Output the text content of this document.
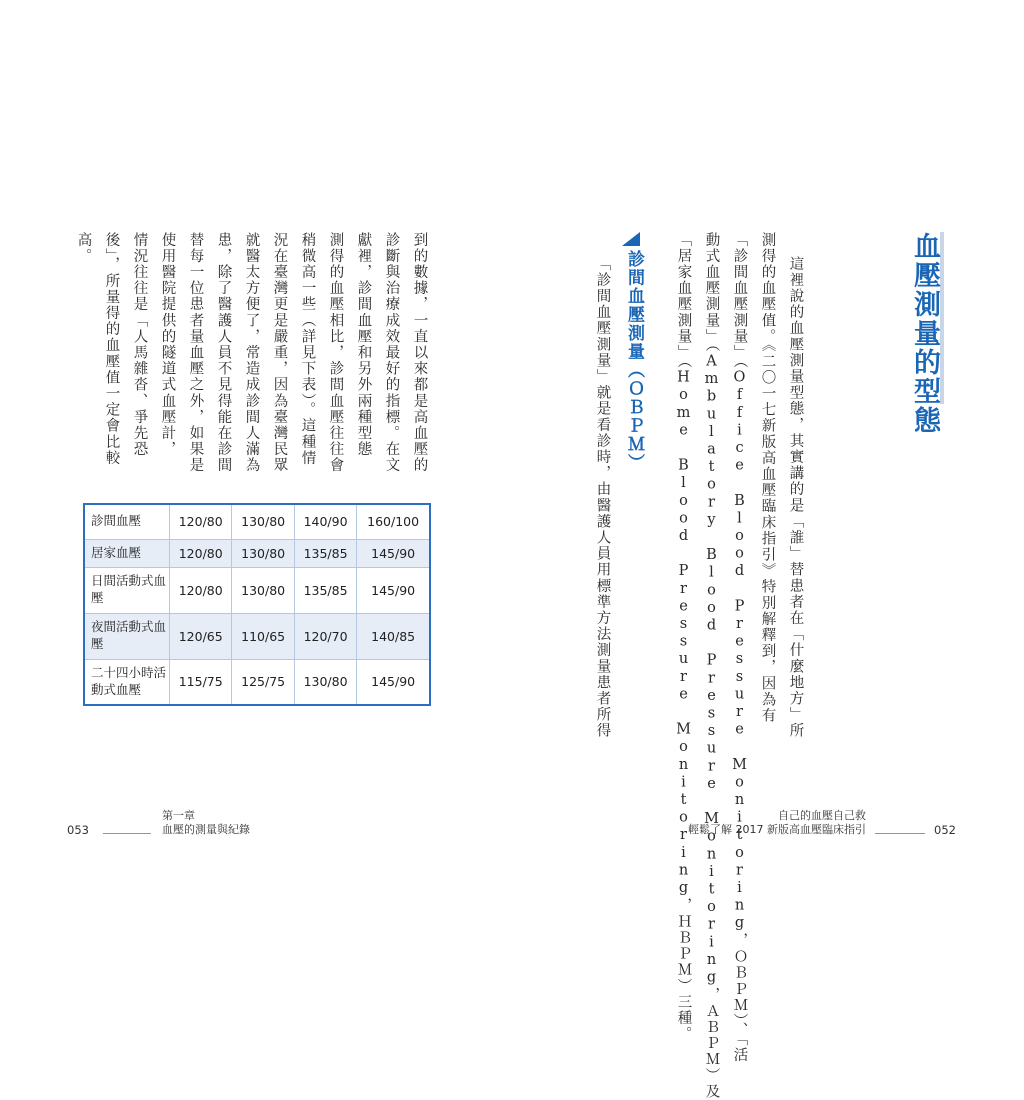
血壓測量的型態
這裡說的血壓測量型態，其實講的是「誰」替患者在「什麼地方」所
測得的血壓值。《二〇一七新版高血壓臨床指引》特別解釋到，因為有
「診間血壓測量」（Office Blood Pressure Monitoring，ＯＢＰＭ）、「活
動式血壓測量」（Ambulatory Blood Pressure Monitoring，ＡＢＰＭ）及
「居家血壓測量」（Home Blood Pressure Monitoring，ＨＢＰＭ）三種。
診間血壓測量（ＯＢＰＭ）
「診間血壓測量」就是看診時，由醫護人員用標準方法測量患者所得
到的數據，一直以來都是高血壓的
診斷與治療成效最好的指標。在文
獻裡，診間血壓和另外兩種型態
測得的血壓相比，診間血壓往往會
稍微高一些（詳見下表）。這種情
況在臺灣更是嚴重，因為臺灣民眾
就醫太方便了，常造成診間人滿為
患，除了醫護人員不見得能在診間
替每一位患者量血壓之外，如果是
使用醫院提供的隧道式血壓計，
情況往往是「人馬雜沓、爭先恐
後」，所量得的血壓值一定會比較
高。
診間血壓	120/80	130/80	140/90	160/100
居家血壓	120/80	130/80	135/85	145/90
日間活動式血壓	120/80	130/80	135/85	145/90
夜間活動式血壓	120/65	110/65	120/70	140/85
二十四小時活動式血壓	115/75	125/75	130/80	145/90
053
第一章
血壓的測量與紀錄
自己的血壓自己救
輕鬆了解 2017 新版高血壓臨床指引	052
